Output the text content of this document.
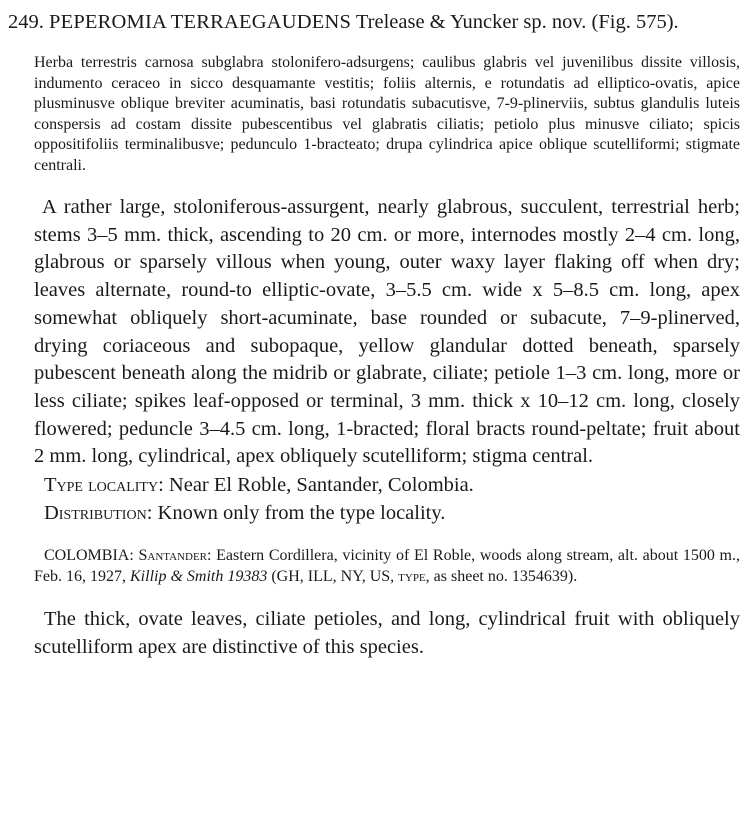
249. PEPEROMIA TERRAEGAUDENS Trelease & Yuncker sp. nov. (Fig. 575).

Herba terrestris carnosa subglabra stolonifero-adsurgens; caulibus glabris vel juvenilibus dissite villosis, indumento ceraceo in sicco desquamante vestitis; foliis alternis, e rotundatis ad elliptico-ovatis, apice plusminusve oblique breviter acuminatis, basi rotundatis subacutisve, 7-9-plinerviis, subtus glandulis luteis conspersis ad costam dissite pubescentibus vel glabratis ciliatis; petiolo plus minusve ciliato; spicis oppositifoliis terminalibusve; pedunculo 1-bracteato; drupa cylindrica apice oblique scutelliformi; stigmate centrali.

A rather large, stoloniferous-assurgent, nearly glabrous, succulent, terrestrial herb; stems 3–5 mm. thick, ascending to 20 cm. or more, internodes mostly 2–4 cm. long, glabrous or sparsely villous when young, outer waxy layer flaking off when dry; leaves alternate, round-to elliptic-ovate, 3–5.5 cm. wide x 5–8.5 cm. long, apex somewhat obliquely short-acuminate, base rounded or subacute, 7–9-plinerved, drying coriaceous and subopaque, yellow glandular dotted beneath, sparsely pubescent beneath along the midrib or glabrate, ciliate; petiole 1–3 cm. long, more or less ciliate; spikes leaf-opposed or terminal, 3 mm. thick x 10–12 cm. long, closely flowered; peduncle 3–4.5 cm. long, 1-bracted; floral bracts round-peltate; fruit about 2 mm. long, cylindrical, apex obliquely scutelliform; stigma central.

Type locality: Near El Roble, Santander, Colombia.

Distribution: Known only from the type locality.

COLOMBIA: Santander: Eastern Cordillera, vicinity of El Roble, woods along stream, alt. about 1500 m., Feb. 16, 1927, Killip & Smith 19383 (GH, ILL, NY, US, type, as sheet no. 1354639).

The thick, ovate leaves, ciliate petioles, and long, cylindrical fruit with obliquely scutelliform apex are distinctive of this species.
